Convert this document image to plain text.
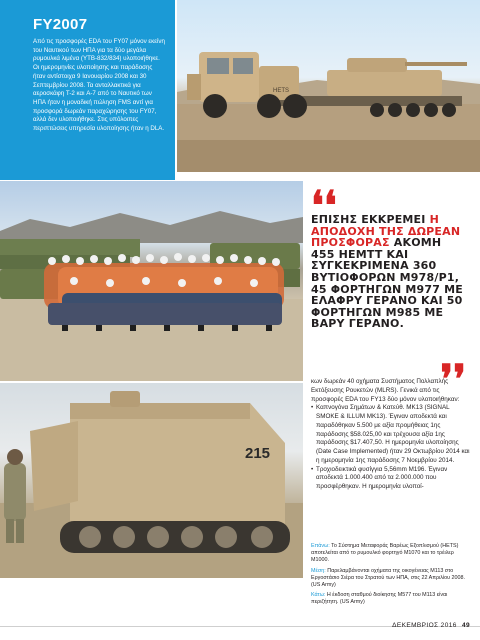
FY2007
Από τις προσφορές EDA του FY07 μόνον εκείνη του Ναυτικού των ΗΠΑ για τα δύο μεγάλα ρυμουλκά λιμένα (YTB-832/834) υλοποιήθηκε. Οι ημερομηνίες υλοποίησης και παράδοσης ήταν αντίστοιχα 9 Ιανουαρίου 2008 και 30 Σεπτεμβρίου 2008. Τα ανταλλακτικά για αεροσκάφη T-2 και A-7 από το Ναυτικό των ΗΠΑ ήταν η μοναδική πώληση FMS αντί για προσφορά δωρεάν παραχώρησης του FY07, αλλά δεν υλοποιήθηκε. Στις υπόλοιπες περιπτώσεις υπηρεσία υλοποίησης ήταν η DLA.
HETS
❛❛
ΕΠΙΣΗΣ ΕΚΚΡΕΜΕΙ Η ΑΠΟΔΟΧΗ ΤΗΣ ΔΩΡΕΑΝ ΠΡΟΣΦΟΡΑΣ ΑΚΟΜΗ 455 HEMTT ΚΑΙ ΣΥΓΚΕΚΡΙΜΕΝΑ 360 ΒΥΤΙΟΦΟΡΩΝ M978/P1, 45 ΦΟΡΤΗΓΩΝ M977 ΜΕ ΕΛΑΦΡΥ ΓΕΡΑΝΟ ΚΑΙ 50 ΦΟΡΤΗΓΩΝ M985 ΜΕ ΒΑΡΥ ΓΕΡΑΝΟ.
❜❜
215

κων δωρεάν 40 οχήματα Συστήματος Πολλαπλής Εκτόξευσης Ρουκετών (MLRS). Γενικά από τις προσφορές EDA του FY13 δύο μόνον υλοποιήθηκαν:

• Καπνογόνα Σημάτων & Κατεύθ. MK13 (SIGNAL SMOKE & ILLUM MK13). Έγιναν αποδεκτά και παραδόθηκαν 5.500 με αξία προμήθειας 1ης παράδοσης $58.025,00 και τρέχουσα αξία 1ης παράδοσης $17.407,50. Η ημερομηνία υλοποίησης (Date Case Implemented) ήταν 29 Οκτωβρίου 2014 και η ημερομηνία 1ης παράδοσης 7 Νοεμβρίου 2014.
• Τροχιοδεικτικά φυσίγγια 5,56mm M196. Έγιναν αποδεκτά 1.000.400 από τα 2.000.000 που προσφέρθηκαν. Η ημερομηνία υλοποί-
Επάνω: Το Σύστημα Μεταφοράς Βαρέως Εξοπλισμού (HETS) αποτελείται από το ρυμουλκό φορτηγό M1070 και το τρέιλερ M1000.
Μέση: Παρελαμβάνονται οχήματα της οικογένειας M113 στο Εργοστάσιο Σιέρα του Στρατού των ΗΠΑ, στις 22 Απριλίου 2008. (US Army)
Κάτω: Η έκδοση σταθμού διοίκησης M577 του M113 είναι περιζήτητη. (US Army)
ΔΕΚΕΜΒΡΙΟΣ 2016 49
